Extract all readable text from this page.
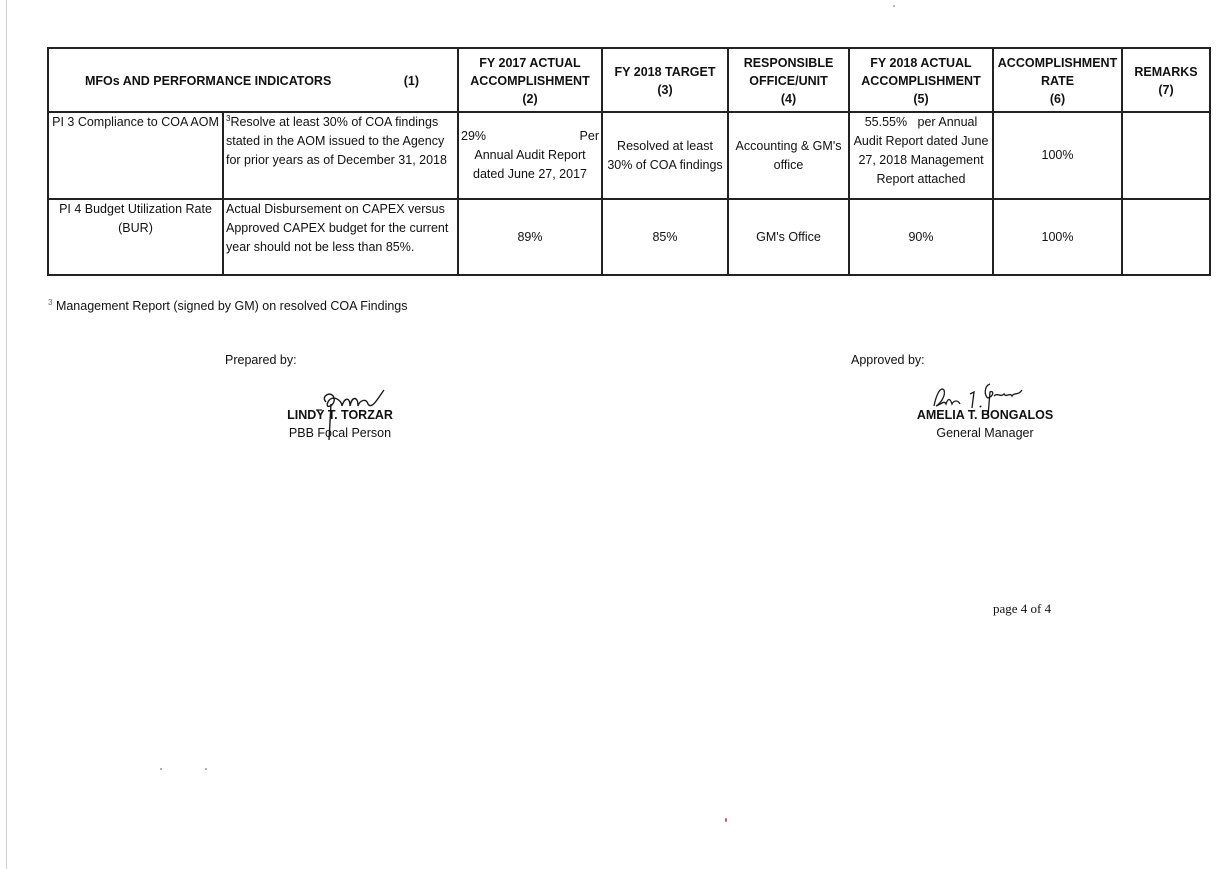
MFOs AND PERFORMANCE INDICATORS (1)		FY 2017 ACTUAL
ACCOMPLISHMENT
(2)	FY 2018 TARGET
(3)	RESPONSIBLE
OFFICE/UNIT
(4)	FY 2018 ACTUAL
ACCOMPLISHMENT
(5)	ACCOMPLISHMENT
RATE
(6)	REMARKS
(7)

PI 3 Compliance to COA AOM	$^3$Resolve at least 30% of COA findings stated in the AOM issued to the Agency for prior years as of December 31, 2018	29% Per
Annual Audit Report dated June 27, 2017	Resolved at least 30% of COA findings	Accounting & GM's office	55.55% per Annual Audit Report dated June 27, 2018 Management Report attached	100%	
PI 4 Budget Utilization Rate (BUR)	Actual Disbursement on CAPEX versus Approved CAPEX budget for the current year should not be less than 85%.	89%	85%	GM's Office	90%	100%	
$^3$ Management Report (signed by GM) on resolved COA Findings
Prepared by:
LINDY T. TORZAR
PBB Focal Person
Approved by:
AMELIA T. BONGALOS
General Manager
page 4 of 4
